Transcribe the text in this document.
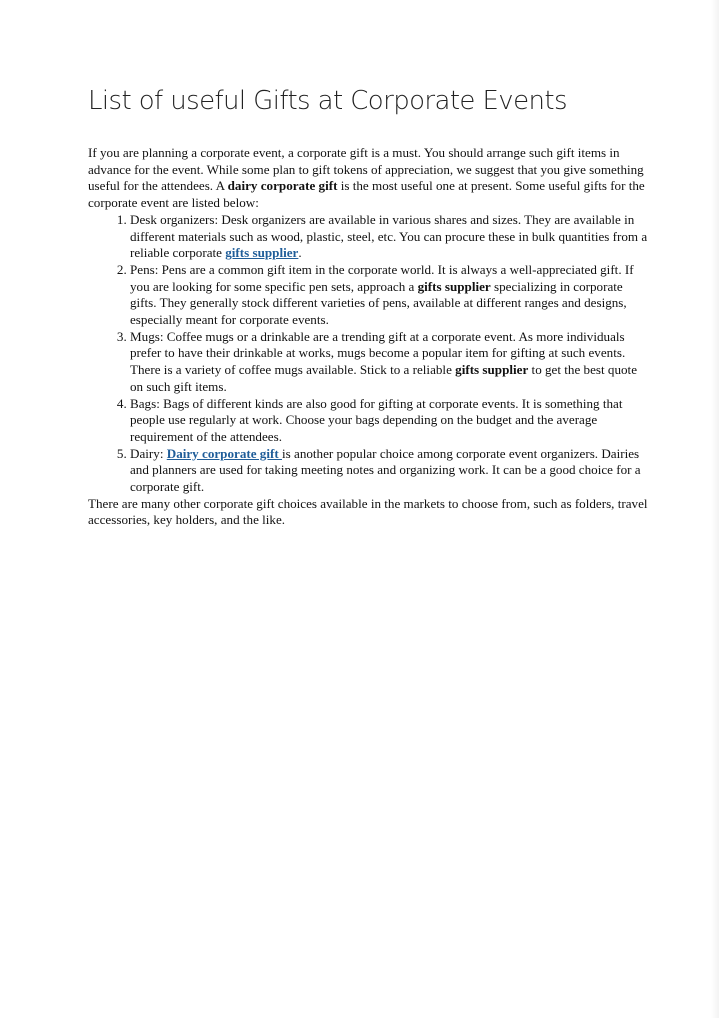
List of useful Gifts at Corporate Events

If you are planning a corporate event, a corporate gift is a must. You should arrange such gift items in advance for the event. While some plan to gift tokens of appreciation, we suggest that you give something useful for the attendees. A dairy corporate gift is the most useful one at present. Some useful gifts for the corporate event are listed below:

1. Desk organizers: Desk organizers are available in various shares and sizes. They are available in different materials such as wood, plastic, steel, etc. You can procure these in bulk quantities from a reliable corporate gifts supplier.
2. Pens: Pens are a common gift item in the corporate world. It is always a well-appreciated gift. If you are looking for some specific pen sets, approach a gifts supplier specializing in corporate gifts. They generally stock different varieties of pens, available at different ranges and designs, especially meant for corporate events.
3. Mugs: Coffee mugs or a drinkable are a trending gift at a corporate event. As more individuals prefer to have their drinkable at works, mugs become a popular item for gifting at such events. There is a variety of coffee mugs available. Stick to a reliable gifts supplier to get the best quote on such gift items.
4. Bags: Bags of different kinds are also good for gifting at corporate events. It is something that people use regularly at work. Choose your bags depending on the budget and the average requirement of the attendees.
5. Dairy: Dairy corporate gift is another popular choice among corporate event organizers. Dairies and planners are used for taking meeting notes and organizing work. It can be a good choice for a corporate gift.

There are many other corporate gift choices available in the markets to choose from, such as folders, travel accessories, key holders, and the like.
